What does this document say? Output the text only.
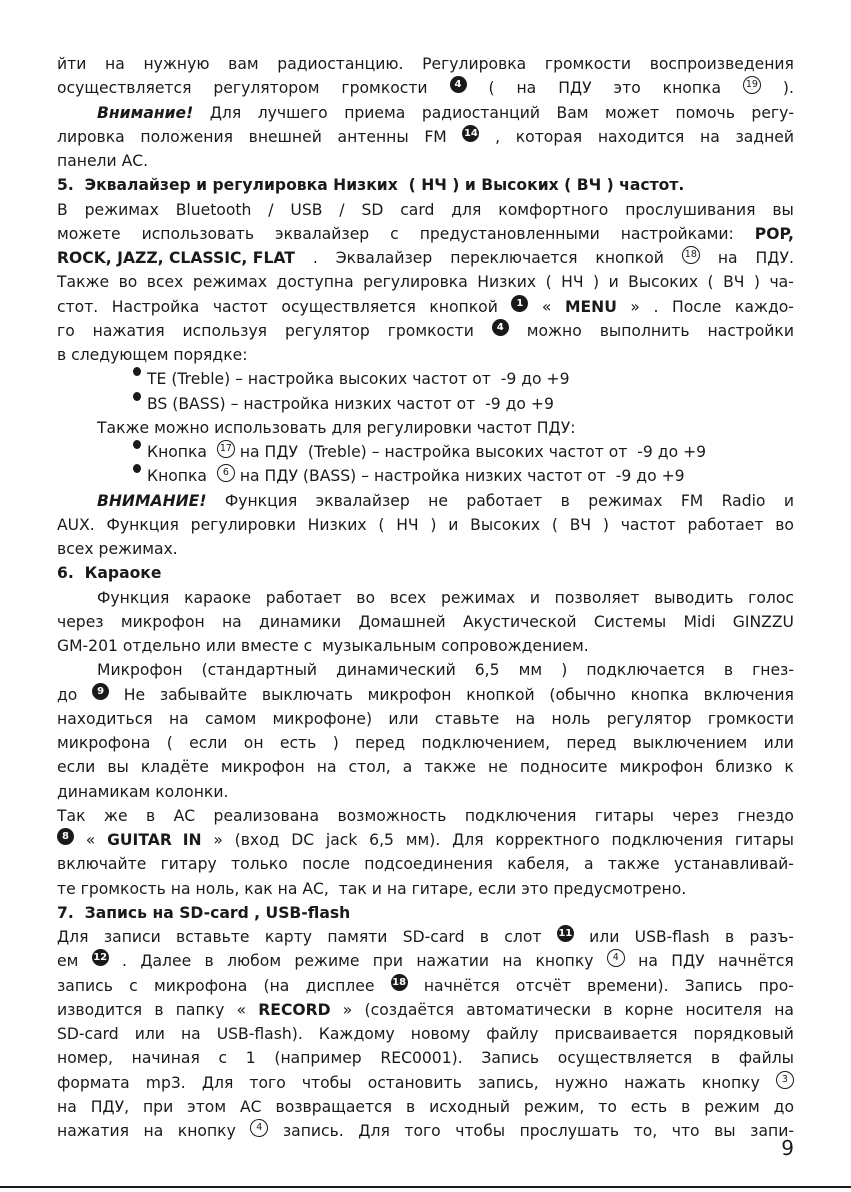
йти на нужную вам радиостанцию. Регулировка громкости воспроизведения
осуществляется регулятором громкости	4	( на ПДУ это кнопка	19 ).
Внимание! Для лучшего приема радиостанций Вам может помочь регу-
лировка положения внешней антенны FM 14 , которая находится на задней
панели АС.
5.  Эквалайзер и регулировка Низких  ( НЧ ) и Высоких ( ВЧ ) частот.
В режимах Bluetooth / USB / SD card для комфортного прослушивания вы
можете использовать эквалайзер с предустановленными настройками: POP,
ROCK, JAZZ, CLASSIC, FLAT . Эквалайзер переключается кнопкой	18 на ПДУ.
Также во всех режимах доступна регулировка Низких ( НЧ ) и Высоких ( ВЧ ) ча-
стот. Настройка частот осуществляется кнопкой	1	« MENU » . После каждо-
го нажатия используя регулятор громкости	4	можно выполнить настройки
в следующем порядке:
TE (Treble) – настройка высоких частот от  -9 до +9
BS (BASS) – настройка низких частот от  -9 до +9
Также можно использовать для регулировки частот ПДУ:
Кнопка 17 на ПДУ  (Treble) – настройка высоких частот от  -9 до +9
Кнопка 6 на ПДУ (BASS) – настройка низких частот от  -9 до +9
ВНИМАНИЕ! Функция эквалайзер не работает в режимах FM Radio и
AUX. Функция регулировки Низких ( НЧ ) и Высоких ( ВЧ ) частот работает во
всех режимах.
6.  Караоке
Функция караоке работает во всех режимах и позволяет выводить голос
через микрофон на динамики Домашней Акустической Системы Midi GINZZU
GM-201 отдельно или вместе с  музыкальным сопровождением.
Микрофон (стандартный динамический 6,5 мм ) подключается в гнез-
до	9	Не забывайте выключать микрофон кнопкой (обычно кнопка включения
находиться на самом микрофоне) или ставьте на ноль регулятор громкости
микрофона ( если он есть ) перед подключением, перед выключением или
если вы кладёте микрофон на стол, а также не подносите микрофон близко к
динамикам колонки.
Так же в АС реализована возможность подключения гитары через гнездо
8	« GUITAR  IN » (вход DC jack 6,5 мм). Для корректного подключения гитары
включайте гитару только после подсоединения кабеля, а также устанавливай-
те громкость на ноль, как на АС,  так и на гитаре, если это предусмотрено.
7.  Запись на SD-card , USB-flash
Для записи вставьте карту памяти SD-card в слот 11 или USB-flash в разъ-
ем 12 . Далее в любом режиме при нажатии на кнопку	4	на ПДУ начнётся
запись с микрофона (на дисплее 18 начнётся отсчёт времени). Запись про-
изводится в папку « RECORD » (создаётся автоматически в корне носителя на
SD-card или на USB-flash). Каждому новому файлу присваивается порядковый
номер, начиная с 1 (например REC0001). Запись осуществляется в файлы
формата mp3. Для того чтобы остановить запись, нужно нажать кнопку	3
на ПДУ, при этом АС возвращается в исходный режим, то есть в режим до
нажатия на кнопку	4	запись. Для того чтобы прослушать то, что вы запи-
9
